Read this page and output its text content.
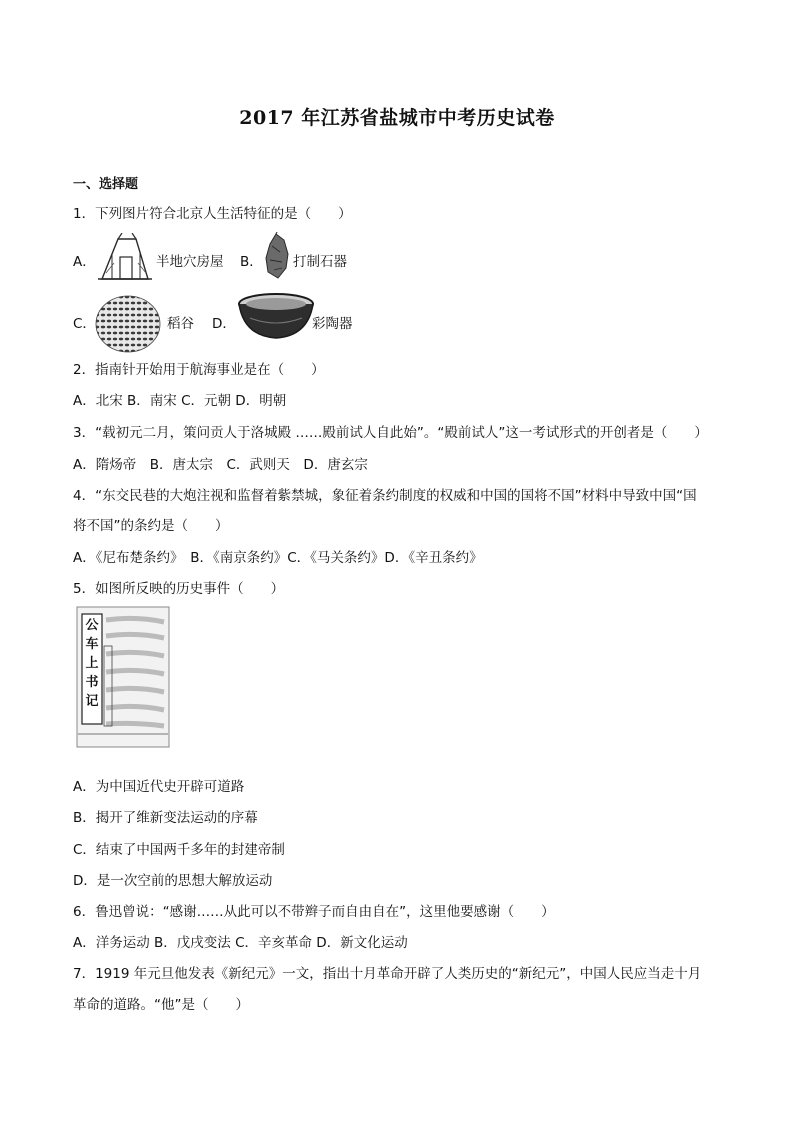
2017 年江苏省盐城市中考历史试卷
一、选择题
1．下列图片符合北京人生活特征的是（　　）
A．	半地穴房屋 B． 打制石器
C．	稻谷 D．	彩陶器
2．指南针开始用于航海事业是在（　　）
A．北宋 B．南宋 C．元朝 D．明朝
3．“载初元二月，策问贡人于洛城殿 ……殿前试人自此始”。“殿前试人”这一考试形式的开创者是（　　）
A．隋炀帝　B．唐太宗　C．武则天　D．唐玄宗
4．“东交民巷的大炮注视和监督着紫禁城，象征着条约制度的权威和中国的国将不国”材料中导致中国“国
将不国”的条约是（　　）
A．《尼布楚条约》　B．《南京条约》C．《马关条约》D．《辛丑条约》
5．如图所反映的历史事件（　　）
公车上书记
A．为中国近代史开辟可道路
B．揭开了维新变法运动的序幕
C．结束了中国两千多年的封建帝制
D．是一次空前的思想大解放运动
6．鲁迅曾说：“感谢……从此可以不带辫子而自由自在”，这里他要感谢（　　）
A．洋务运动 B．戊戌变法 C．辛亥革命 D．新文化运动
7．1919 年元旦他发表《新纪元》一文，指出十月革命开辟了人类历史的“新纪元”，中国人民应当走十月
革命的道路。“他”是（　　）
